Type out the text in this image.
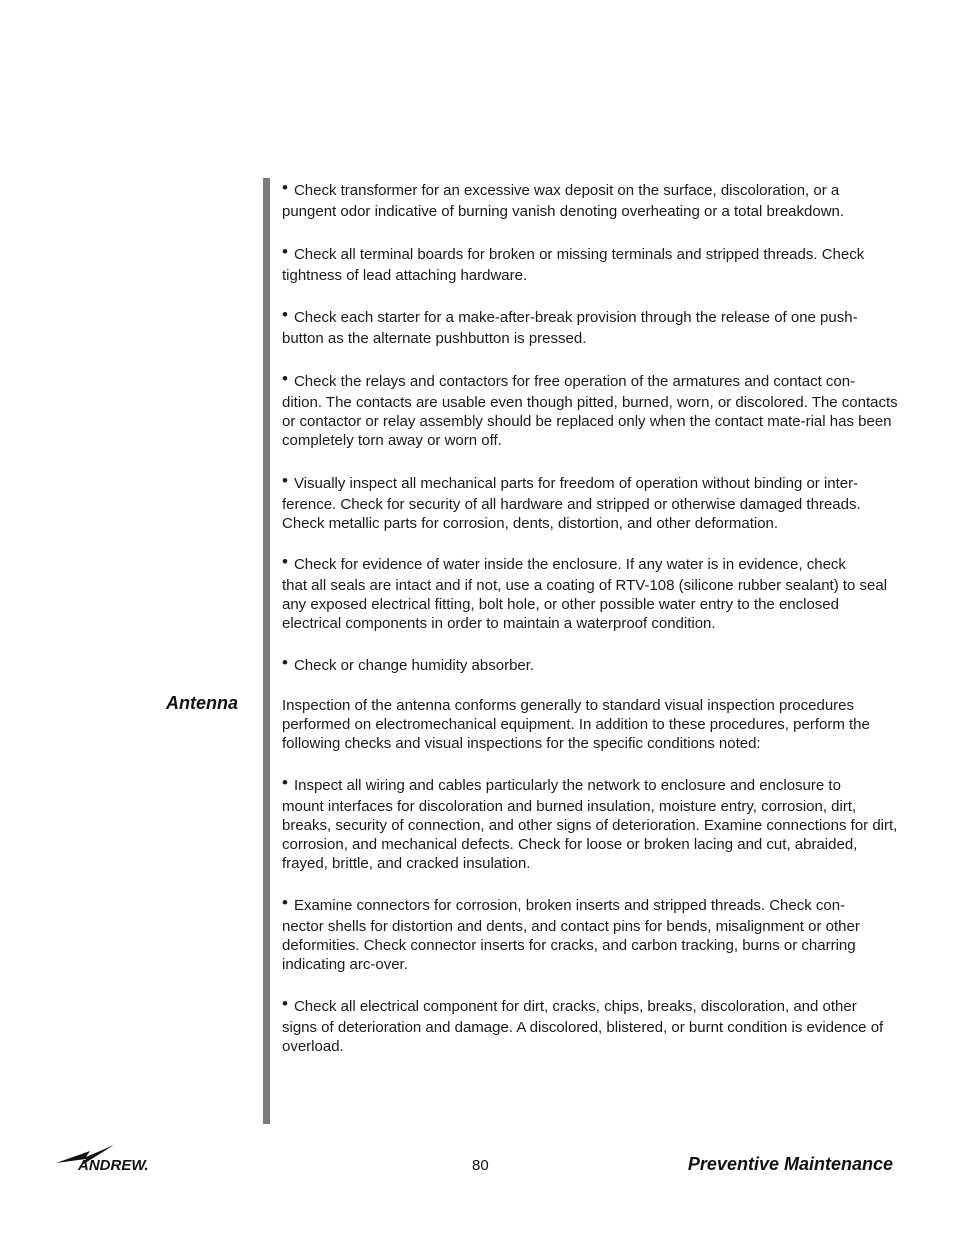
Antenna

• Check transformer for an excessive wax deposit on the surface, discoloration, or a
pungent odor indicative of burning vanish denoting overheating or a total breakdown.

• Check all terminal boards for broken or missing terminals and stripped threads. Check
tightness of lead attaching hardware.

• Check each starter for a make-after-break provision through the release of one push-
button as the alternate pushbutton is pressed.

• Check the relays and contactors for free operation of the armatures and contact con-
dition. The contacts are usable even though pitted, burned, worn, or discolored. The contacts or contactor or relay assembly should be replaced only when the contact mate-rial has been completely torn away or worn off.

• Visually inspect all mechanical parts for freedom of operation without binding or inter-
ference. Check for security of all hardware and stripped or otherwise damaged threads. Check metallic parts for corrosion, dents, distortion, and other deformation.

• Check for evidence of water inside the enclosure. If any water is in evidence, check
that all seals are intact and if not, use a coating of RTV-108 (silicone rubber sealant) to seal any exposed electrical fitting, bolt hole, or other possible water entry to the enclosed electrical components in order to maintain a waterproof condition.

• Check or change humidity absorber.

Inspection of the antenna conforms generally to standard visual inspection procedures performed on electromechanical equipment. In addition to these procedures, perform the following checks and visual inspections for the specific conditions noted:

• Inspect all wiring and cables particularly the network to enclosure and enclosure to
mount interfaces for discoloration and burned insulation, moisture entry, corrosion, dirt, breaks, security of connection, and other signs of deterioration. Examine connections for dirt, corrosion, and mechanical defects. Check for loose or broken lacing and cut, abraided, frayed, brittle, and cracked insulation.

• Examine connectors for corrosion, broken inserts and stripped threads. Check con-
nector shells for distortion and dents, and contact pins for bends, misalignment or other deformities. Check connector inserts for cracks, and carbon tracking, burns or charring indicating arc-over.

• Check all electrical component for dirt, cracks, chips, breaks, discoloration, and other
signs of deterioration and damage. A discolored, blistered, or burnt condition is evidence of overload.

ANDREW.	80	Preventive Maintenance
